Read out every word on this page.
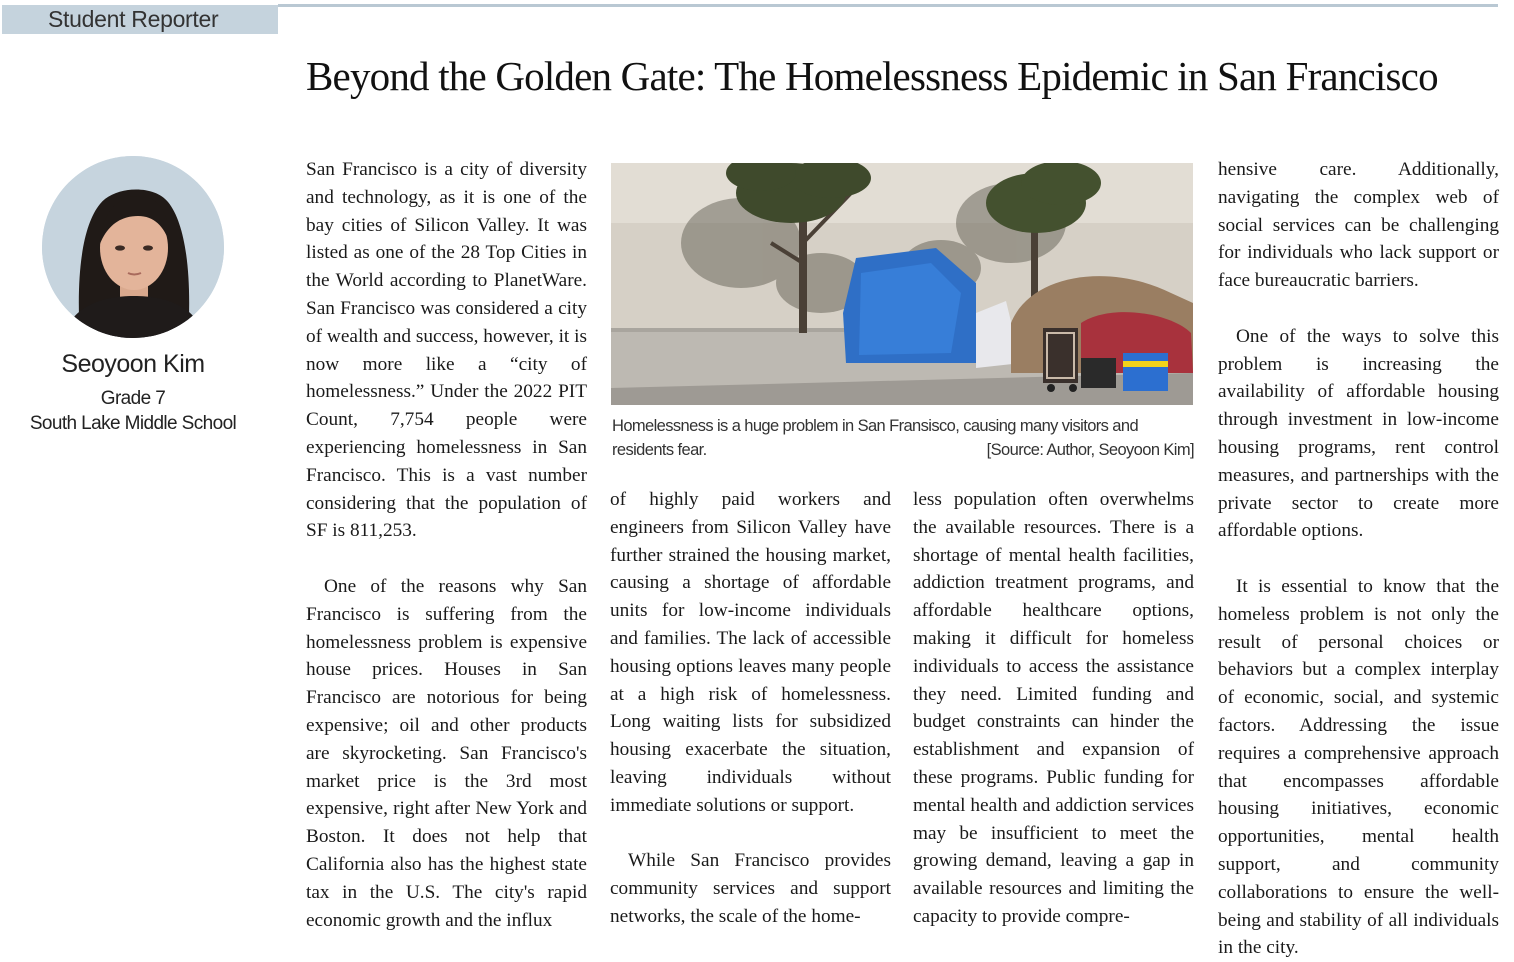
Student Reporter
Beyond the Golden Gate: The Homelessness Epidemic in San Francisco
Seoyoon Kim
Grade 7
South Lake Middle School

San Francisco is a city of diversity and technology, as it is one of the bay cities of Silicon Valley. It was listed as one of the 28 Top Cities in the World according to PlanetWare. San Francisco was considered a city of wealth and success, however, it is now more like a “city of homelessness.” Under the 2022 PIT Count, 7,754 people were experiencing homelessness in San Francisco. This is a vast number considering that the population of SF is 811,253.

One of the reasons why San Francisco is suffering from the homelessness problem is expensive house prices. Houses in San Francisco are notorious for being expensive; oil and other products are skyrocketing. San Francisco's market price is the 3rd most expensive, right after New York and Boston. It does not help that California also has the highest state tax in the U.S. The city's rapid economic growth and the influx

Homelessness is a huge problem in San Fransisco, causing many visitors and residents fear.	[Source: Author, Seoyoon Kim]

of highly paid workers and engineers from Silicon Valley have further strained the housing market, causing a shortage of affordable units for low-income individuals and families. The lack of accessible housing options leaves many people at a high risk of homelessness. Long waiting lists for subsidized housing exacerbate the situation, leaving individuals without immediate solutions or support.

While San Francisco provides community services and support networks, the scale of the home-

less population often overwhelms the available resources. There is a shortage of mental health facilities, addiction treatment programs, and affordable healthcare options, making it difficult for homeless individuals to access the assistance they need. Limited funding and budget constraints can hinder the establishment and expansion of these programs. Public funding for mental health and addiction services may be insufficient to meet the growing demand, leaving a gap in available resources and limiting the capacity to provide compre-

hensive care. Additionally, navigating the complex web of social services can be challenging for individuals who lack support or face bureaucratic barriers.

One of the ways to solve this problem is increasing the availability of affordable housing through investment in low-income housing programs, rent control measures, and partnerships with the private sector to create more affordable options.

It is essential to know that the homeless problem is not only the result of personal choices or behaviors but a complex interplay of economic, social, and systemic factors. Addressing the issue requires a comprehensive approach that encompasses affordable housing initiatives, economic opportunities, mental health support, and community collaborations to ensure the well-being and stability of all individuals in the city.
